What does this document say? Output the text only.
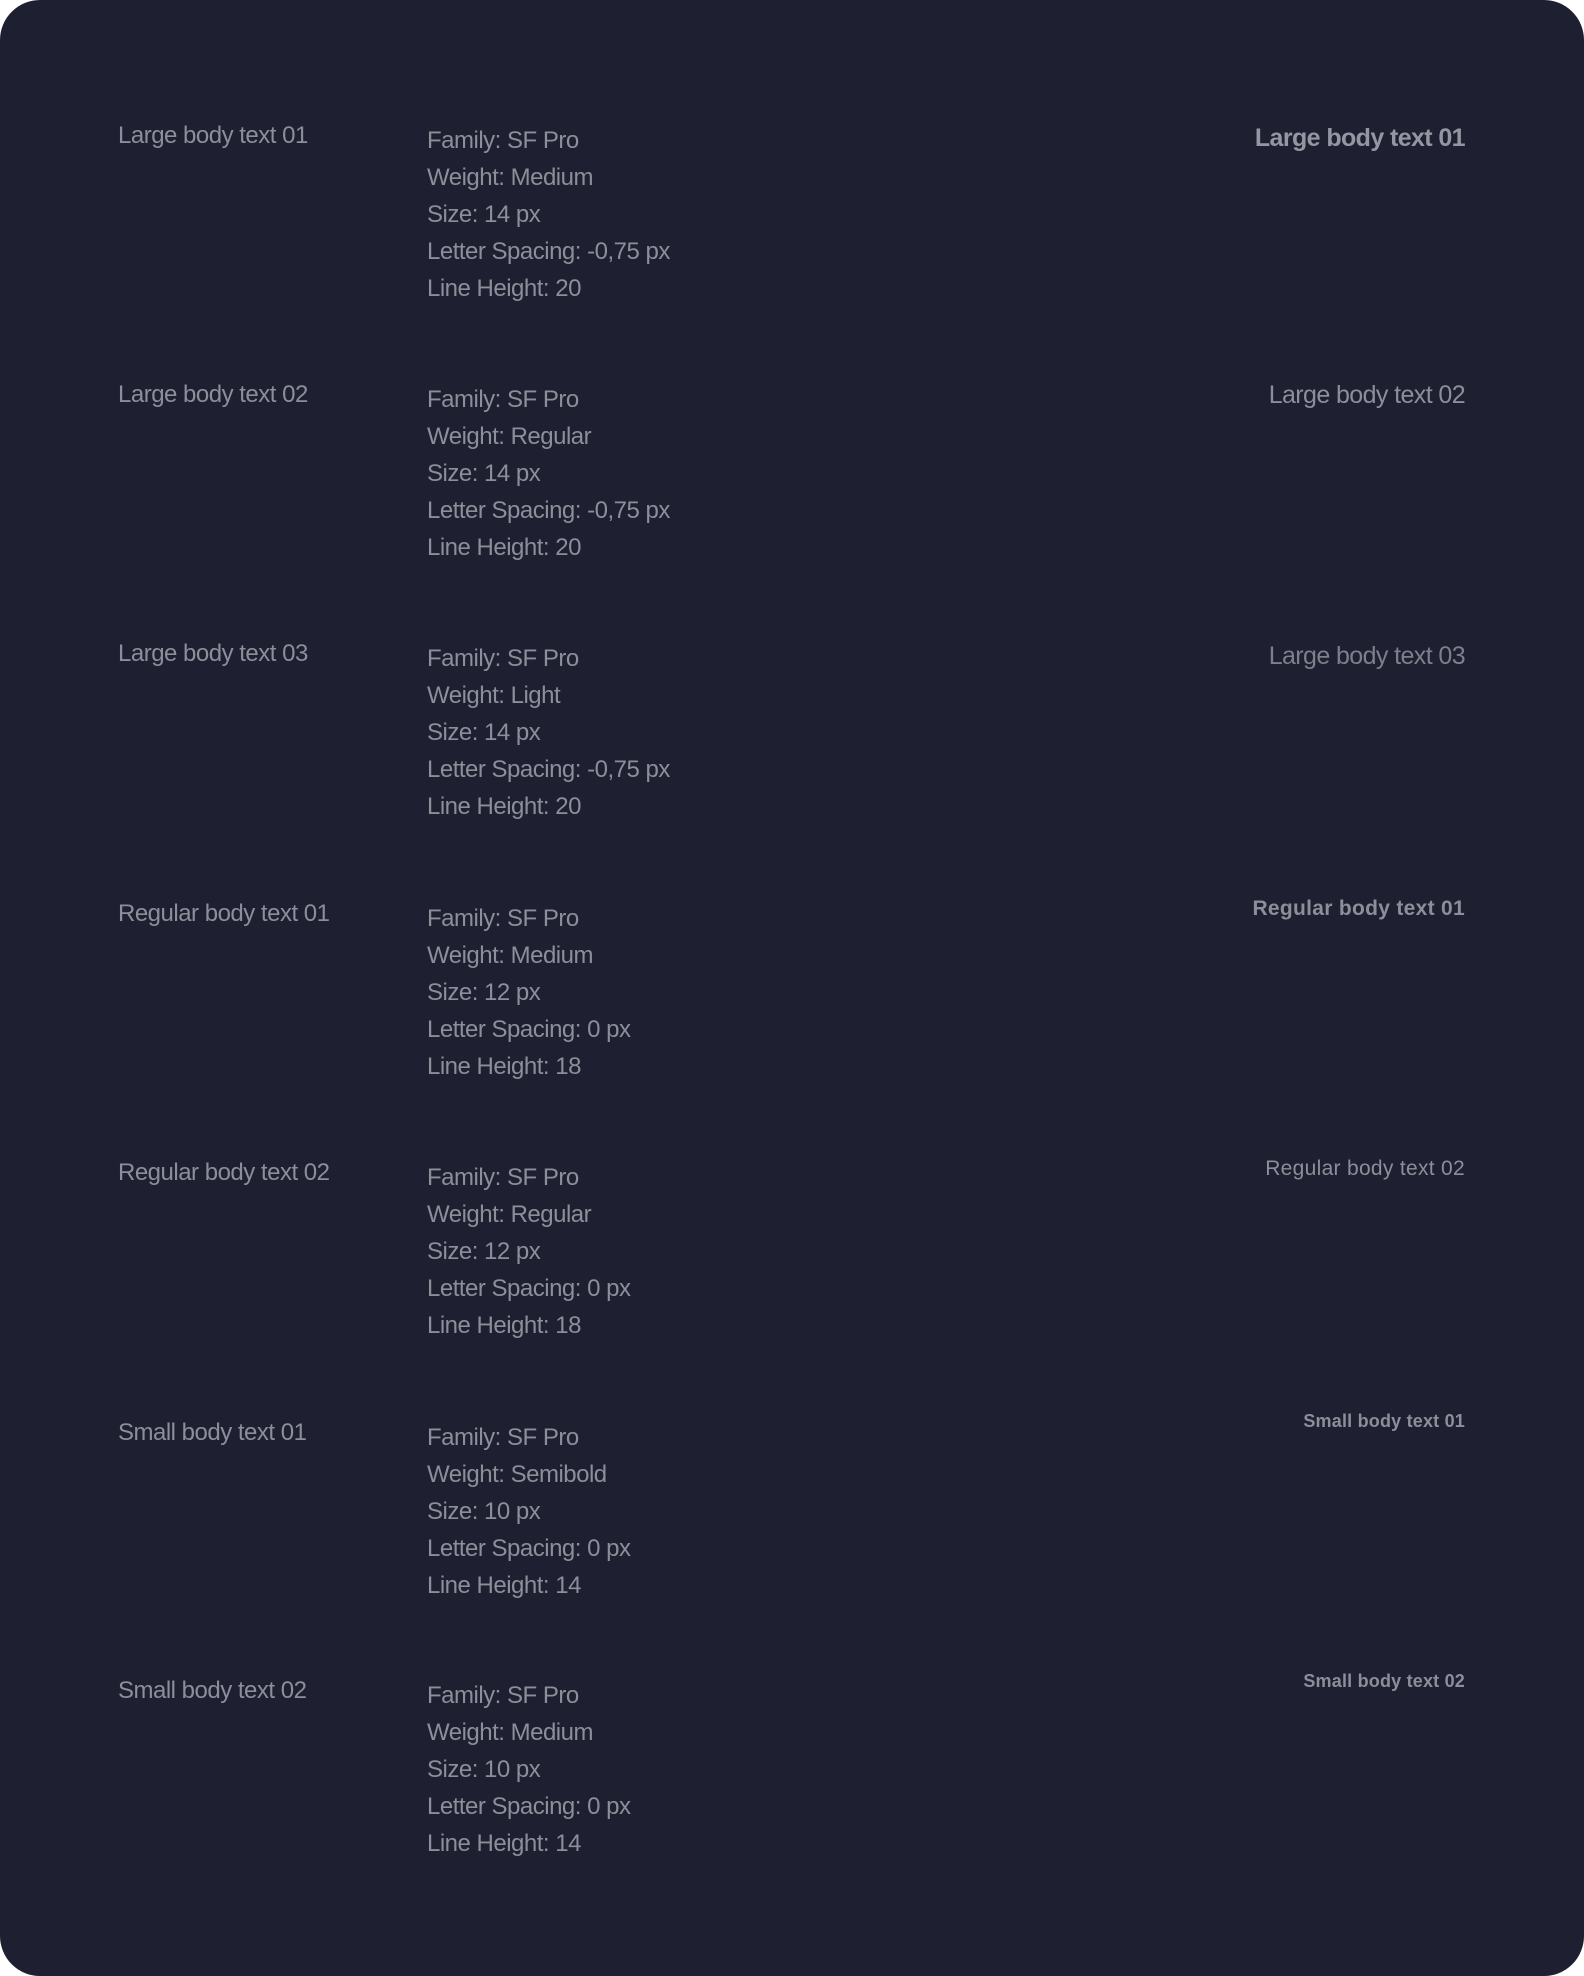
Large body text 01	Family: SF Pro
Weight: Medium
Size: 14 px
Letter Spacing: -0,75 px
Line Height: 20
Large body text 01
Large body text 02	Family: SF Pro
Weight: Regular
Size: 14 px
Letter Spacing: -0,75 px
Line Height: 20
Large body text 02
Large body text 03	Family: SF Pro
Weight: Light
Size: 14 px
Letter Spacing: -0,75 px
Line Height: 20
Large body text 03
Regular body text 01	Family: SF Pro
Weight: Medium
Size: 12 px
Letter Spacing: 0 px
Line Height: 18
Regular body text 01
Regular body text 02	Family: SF Pro
Weight: Regular
Size: 12 px
Letter Spacing: 0 px
Line Height: 18
Regular body text 02
Small body text 01	Family: SF Pro
Weight: Semibold
Size: 10 px
Letter Spacing: 0 px
Line Height: 14
Small body text 01
Small body text 02	Family: SF Pro
Weight: Medium
Size: 10 px
Letter Spacing: 0 px
Line Height: 14
Small body text 02
